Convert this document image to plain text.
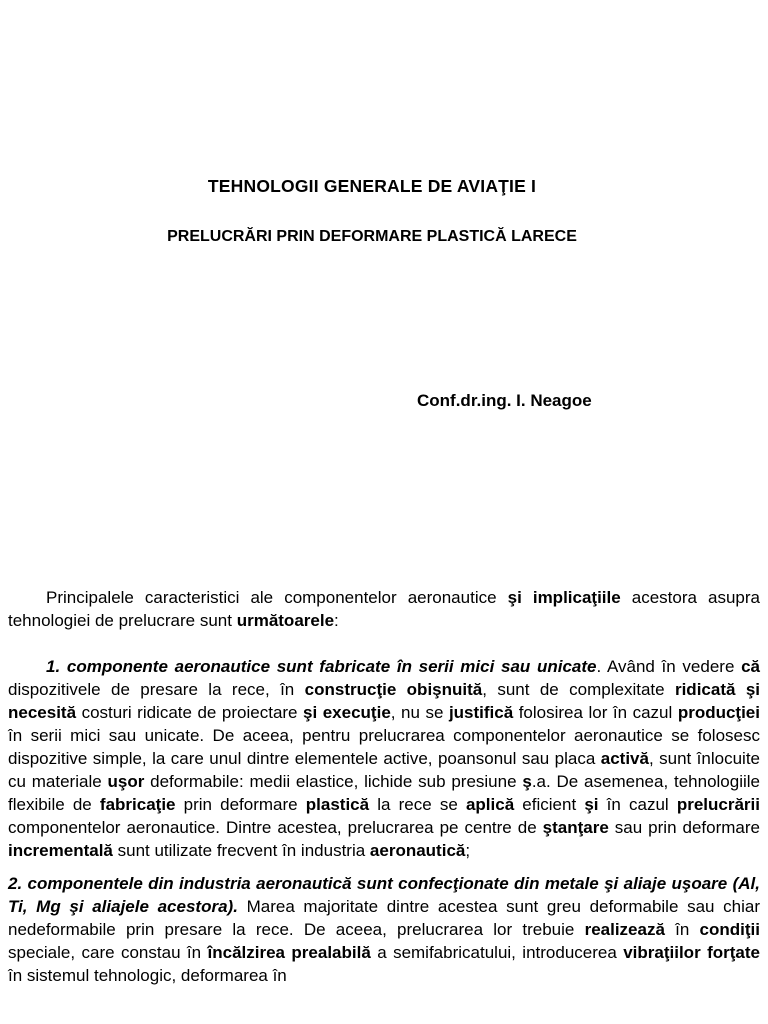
TEHNOLOGII GENERALE DE AVIAŢIE I
PRELUCRĂRI PRIN DEFORMARE PLASTICĂ LARECE
Conf.dr.ing. I. Neagoe

Principalele caracteristici ale componentelor aeronautice şi implicaţiile acestora asupra tehnologiei de prelucrare sunt următoarele:

1. componente aeronautice sunt fabricate în serii mici sau unicate. Având în vedere că dispozitivele de presare la rece, în construcţie obişnuită, sunt de complexitate ridicată şi necesită costuri ridicate de proiectare şi execuţie, nu se justifică folosirea lor în cazul producţiei în serii mici sau unicate. De aceea, pentru prelucrarea componentelor aeronautice se folosesc dispozitive simple, la care unul dintre elementele active, poansonul sau placa activă, sunt înlocuite cu materiale uşor deformabile: medii elastice, lichide sub presiune ş.a. De asemenea, tehnologiile flexibile de fabricaţie prin deformare plastică la rece se aplică eficient şi în cazul prelucrării componentelor aeronautice. Dintre acestea, prelucrarea pe centre de ştanţare sau prin deformare incrementală sunt utilizate frecvent în industria aeronautică;

2. componentele din industria aeronautică sunt confecţionate din metale şi aliaje uşoare (Al, Ti, Mg şi aliajele acestora). Marea majoritate dintre acestea sunt greu deformabile sau chiar nedeformabile prin presare la rece. De aceea, prelucrarea lor trebuie realizează în condiţii speciale, care constau în încălzirea prealabilă a semifabricatului, introducerea vibraţiilor forţate în sistemul tehnologic, deformarea în
